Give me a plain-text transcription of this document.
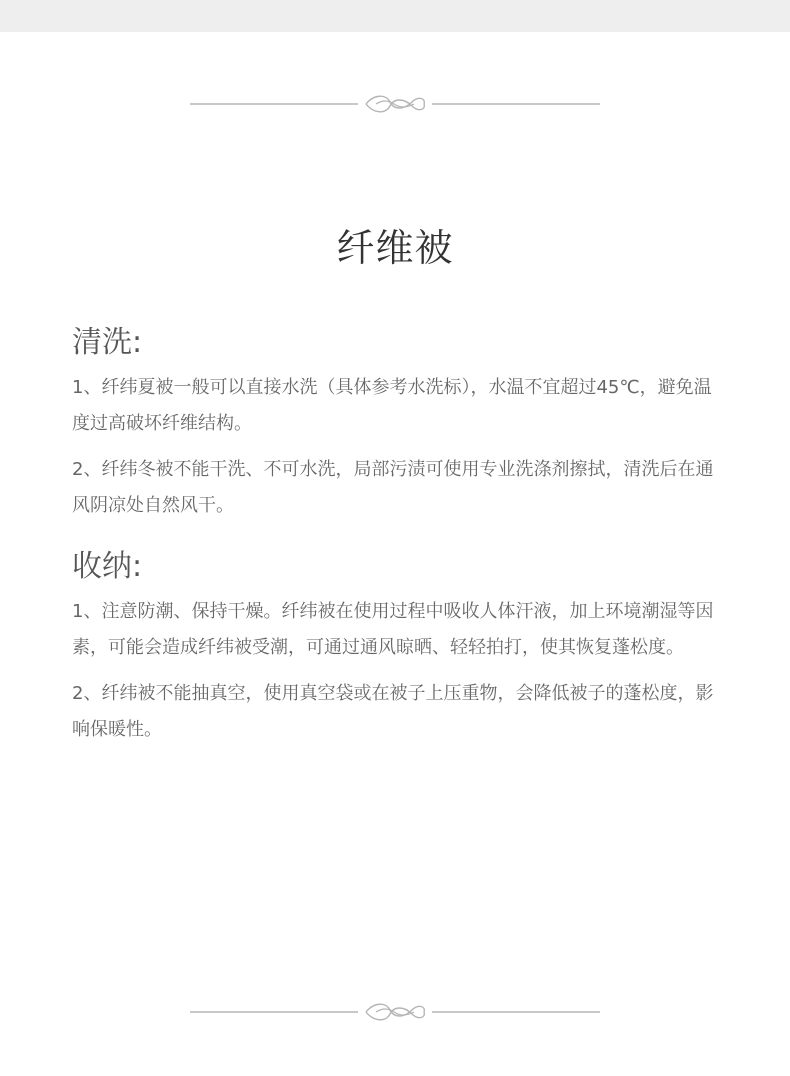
纤维被
清洗:

1、纤纬夏被一般可以直接水洗（具体参考水洗标），水温不宜超过45℃，避免温度过高破坏纤维结构。

2、纤纬冬被不能干洗、不可水洗，局部污渍可使用专业洗涤剂擦拭，清洗后在通风阴凉处自然风干。

收纳:

1、注意防潮、保持干燥。纤纬被在使用过程中吸收人体汗液，加上环境潮湿等因素，可能会造成纤纬被受潮，可通过通风晾晒、轻轻拍打，使其恢复蓬松度。

2、纤纬被不能抽真空，使用真空袋或在被子上压重物，会降低被子的蓬松度，影响保暖性。
